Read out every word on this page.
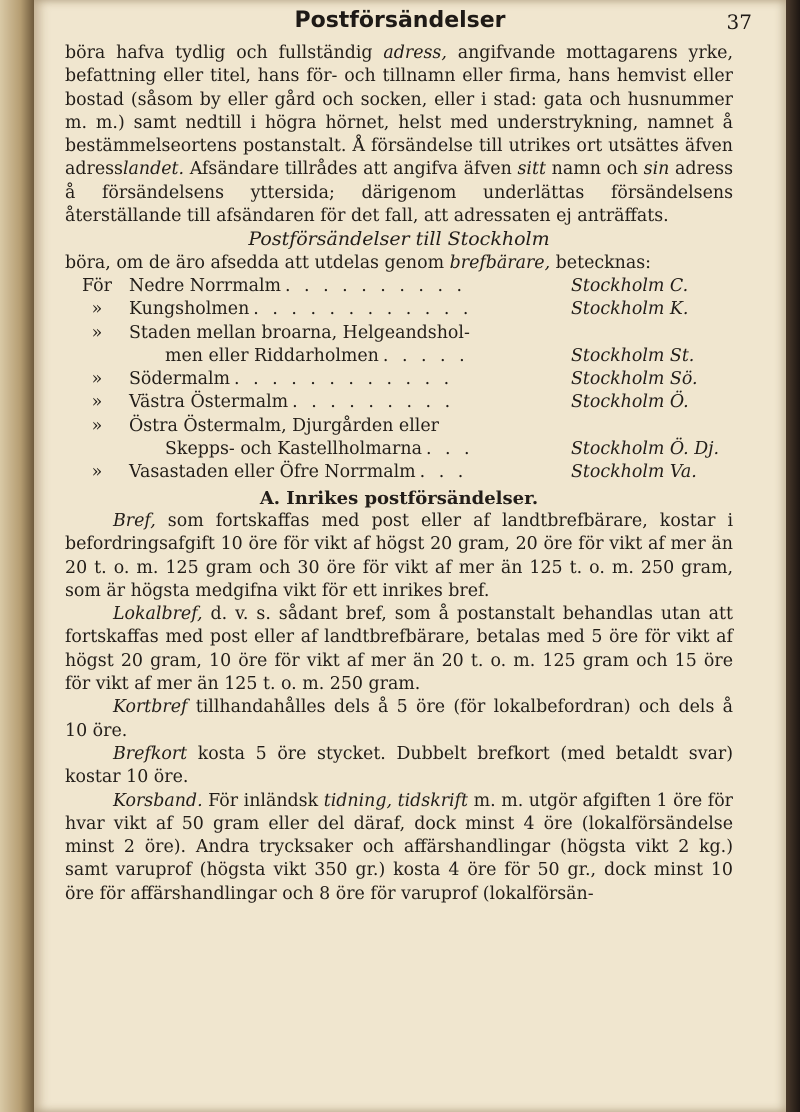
Postförsändelser	37

böra hafva tydlig och fullständig adress, angifvande mottagarens yrke, befattning eller titel, hans för- och tillnamn eller firma, hans hemvist eller bostad (såsom by eller gård och socken, eller i stad: gata och husnummer m. m.) samt nedtill i högra hörnet, helst med understrykning, namnet å bestämmelseortens postanstalt. Å försändelse till utrikes ort utsättes äfven adresslandet. Afsändare tillrådes att angifva äfven sitt namn och sin adress å försändelsens yttersida; därigenom underlättas försändelsens återställande till afsändaren för det fall, att adressaten ej anträffats.

Postförsändelser till Stockholm

böra, om de äro afsedda att utdelas genom brefbärare, betecknas:

För Nedre Norrmalm . . . . . . . . . .	Stockholm C.
»	Kungsholmen . . . . . . . . . . . .	Stockholm K.
»	Staden mellan broarna, Helgeandshol-
men eller Riddarholmen . . . . .	Stockholm St.
»	Södermalm . . . . . . . . . . . .	Stockholm Sö.
»	Västra Östermalm . . . . . . . . .	Stockholm Ö.
»	Östra Östermalm, Djurgården eller
Skepps- och Kastellholmarna . . .	Stockholm Ö. Dj.
»	Vasastaden eller Öfre Norrmalm . . .	Stockholm Va.

A. Inrikes postförsändelser.

Bref, som fortskaffas med post eller af landtbrefbärare, kostar i befordringsafgift 10 öre för vikt af högst 20 gram, 20 öre för vikt af mer än 20 t. o. m. 125 gram och 30 öre för vikt af mer än 125 t. o. m. 250 gram, som är högsta medgifna vikt för ett inrikes bref.

Lokalbref, d. v. s. sådant bref, som å postanstalt behandlas utan att fortskaffas med post eller af landtbrefbärare, betalas med 5 öre för vikt af högst 20 gram, 10 öre för vikt af mer än 20 t. o. m. 125 gram och 15 öre för vikt af mer än 125 t. o. m. 250 gram.

Kortbref tillhandahålles dels å 5 öre (för lokalbefordran) och dels å 10 öre.

Brefkort kosta 5 öre stycket. Dubbelt brefkort (med betaldt svar) kostar 10 öre.

Korsband. För inländsk tidning, tidskrift m. m. utgör afgiften 1 öre för hvar vikt af 50 gram eller del däraf, dock minst 4 öre (lokalförsändelse minst 2 öre). Andra trycksaker och affärshandlingar (högsta vikt 2 kg.) samt varuprof (högsta vikt 350 gr.) kosta 4 öre för 50 gr., dock minst 10 öre för affärshandlingar och 8 öre för varuprof (lokalförsän-
